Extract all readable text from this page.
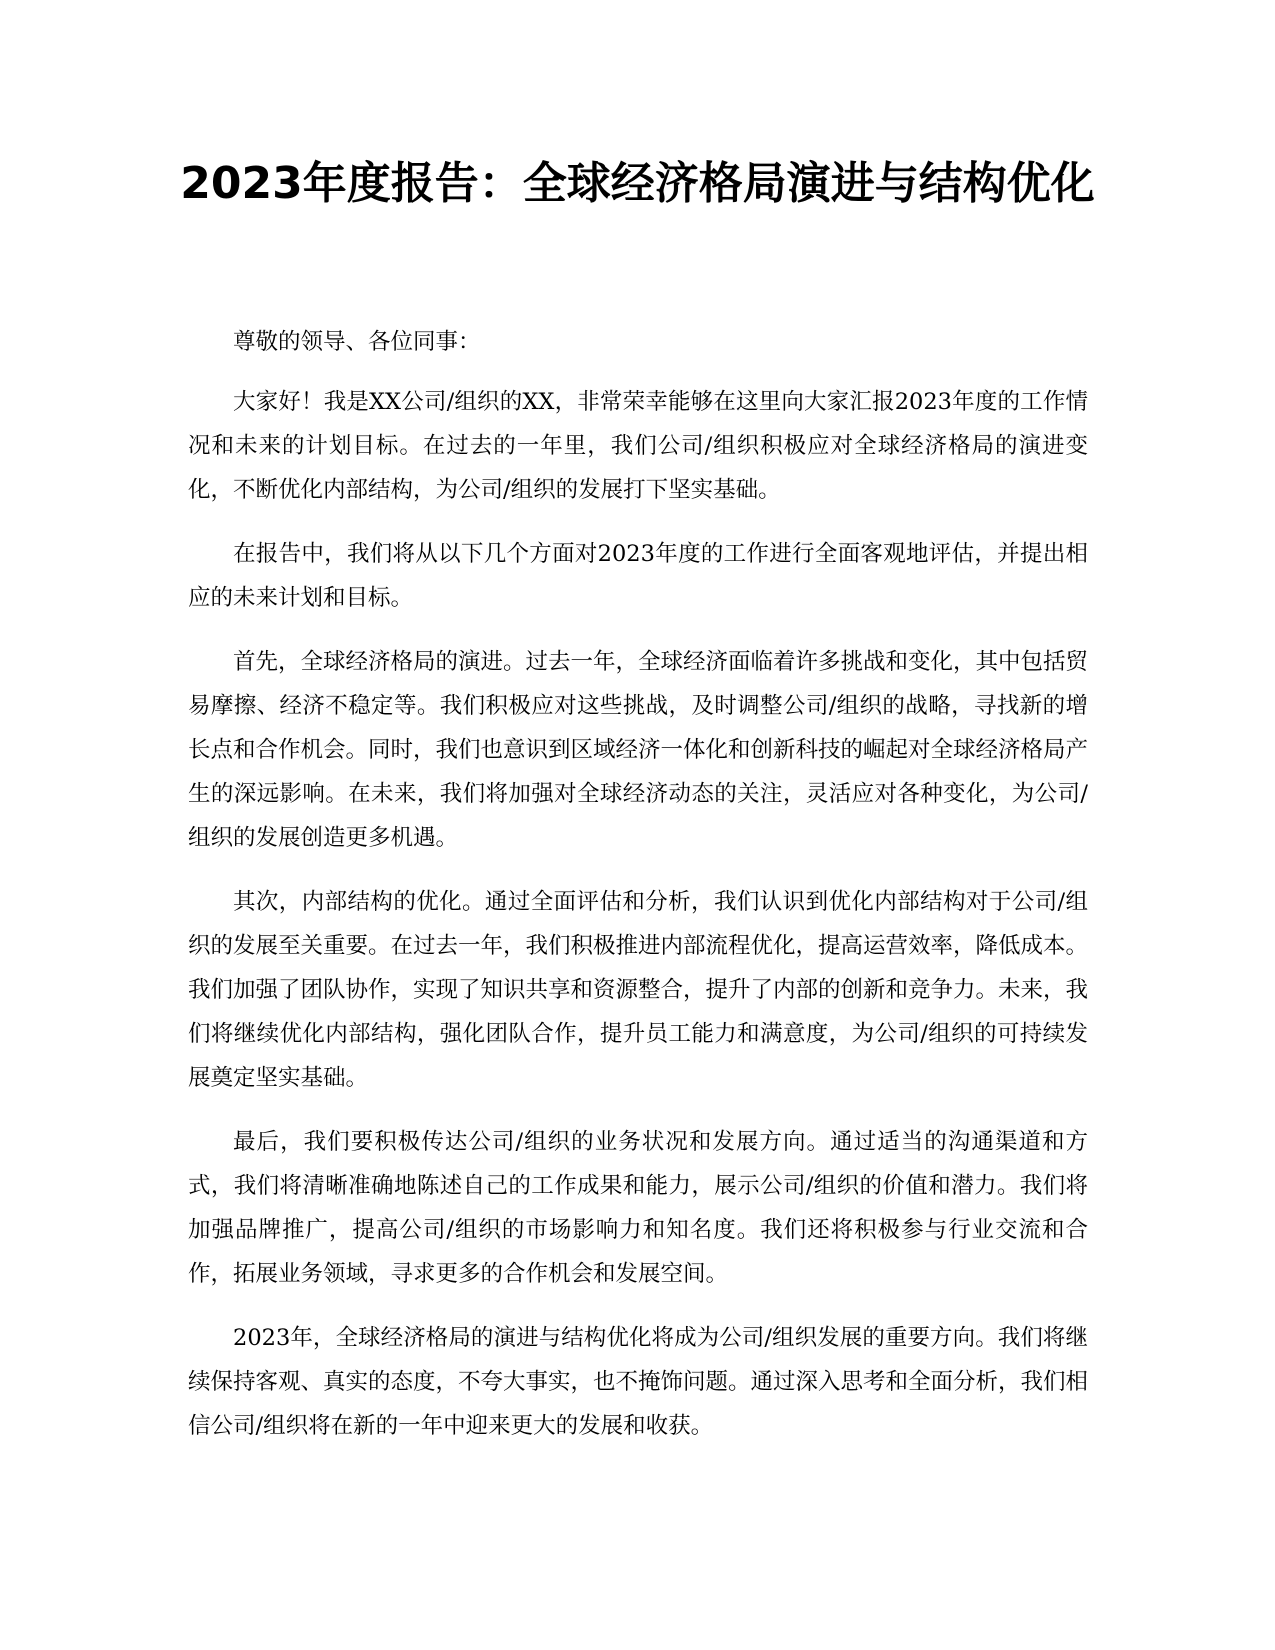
2023年度报告：全球经济格局演进与结构优化

尊敬的领导、各位同事：

大家好！我是XX公司/组织的XX，非常荣幸能够在这里向大家汇报2023年度的工作情况和未来的计划目标。在过去的一年里，我们公司/组织积极应对全球经济格局的演进变化，不断优化内部结构，为公司/组织的发展打下坚实基础。

在报告中，我们将从以下几个方面对2023年度的工作进行全面客观地评估，并提出相应的未来计划和目标。

首先，全球经济格局的演进。过去一年，全球经济面临着许多挑战和变化，其中包括贸易摩擦、经济不稳定等。我们积极应对这些挑战，及时调整公司/组织的战略，寻找新的增长点和合作机会。同时，我们也意识到区域经济一体化和创新科技的崛起对全球经济格局产生的深远影响。在未来，我们将加强对全球经济动态的关注，灵活应对各种变化，为公司/组织的发展创造更多机遇。

其次，内部结构的优化。通过全面评估和分析，我们认识到优化内部结构对于公司/组织的发展至关重要。在过去一年，我们积极推进内部流程优化，提高运营效率，降低成本。我们加强了团队协作，实现了知识共享和资源整合，提升了内部的创新和竞争力。未来，我们将继续优化内部结构，强化团队合作，提升员工能力和满意度，为公司/组织的可持续发展奠定坚实基础。

最后，我们要积极传达公司/组织的业务状况和发展方向。通过适当的沟通渠道和方式，我们将清晰准确地陈述自己的工作成果和能力，展示公司/组织的价值和潜力。我们将加强品牌推广，提高公司/组织的市场影响力和知名度。我们还将积极参与行业交流和合作，拓展业务领域，寻求更多的合作机会和发展空间。

2023年，全球经济格局的演进与结构优化将成为公司/组织发展的重要方向。我们将继续保持客观、真实的态度，不夸大事实，也不掩饰问题。通过深入思考和全面分析，我们相信公司/组织将在新的一年中迎来更大的发展和收获。
